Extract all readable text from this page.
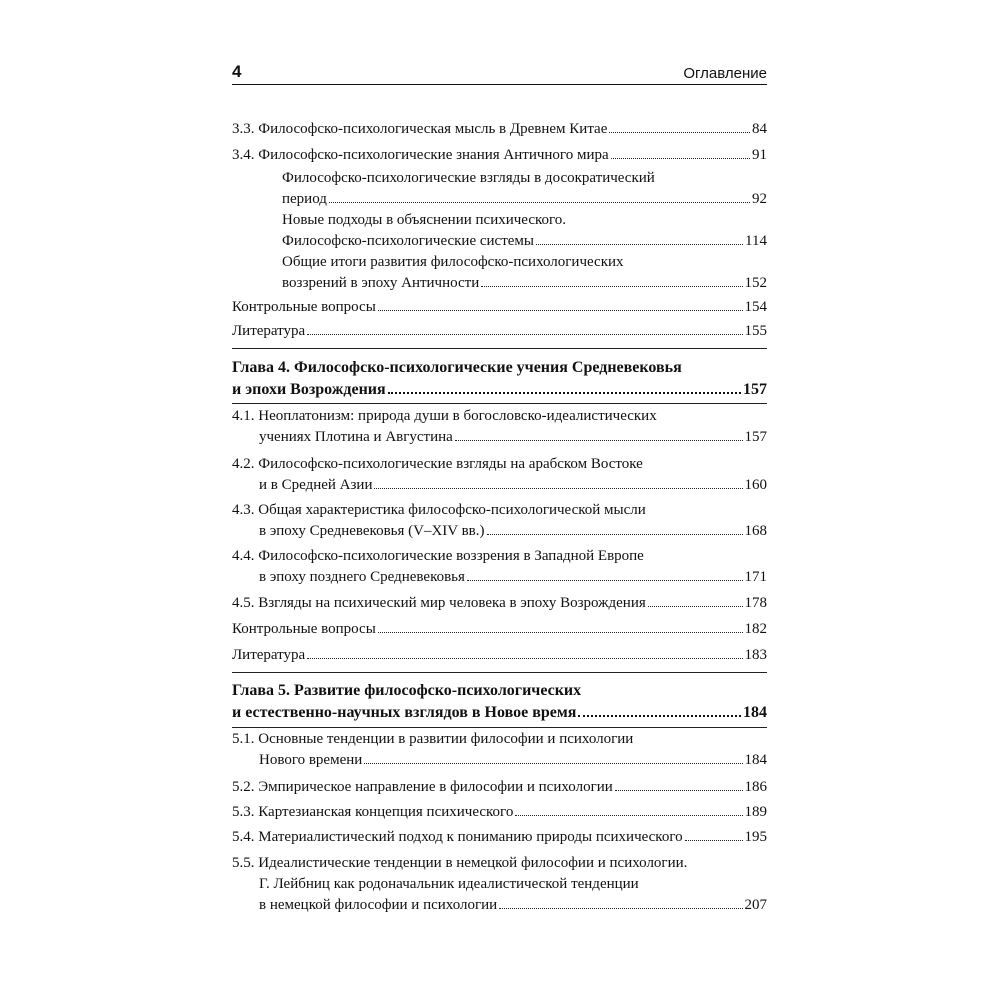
4	Оглавление
3.3. Философско-психологическая мысль в Древнем Китае	84
3.4. Философско-психологические знания Античного мира	91
Философско-психологические взгляды в досократический
период	92
Новые подходы в объяснении психического.
Философско-психологические системы	114
Общие итоги развития философско-психологических
воззрений в эпоху Античности	152
Контрольные вопросы	154
Литература	155
Глава 4. Философско-психологические учения Средневековья
и эпохи Возрождения	157
4.1. Неоплатонизм: природа души в богословско-идеалистических
учениях Плотина и Августина	157
4.2. Философско-психологические взгляды на арабском Востоке
и в Средней Азии	160
4.3. Общая характеристика философско-психологической мысли
в эпоху Средневековья (V–XIV вв.)	168
4.4. Философско-психологические воззрения в Западной Европе
в эпоху позднего Средневековья	171
4.5. Взгляды на психический мир человека в эпоху Возрождения	178
Контрольные вопросы	182
Литература	183
Глава 5. Развитие философско-психологических
и естественно-научных взглядов в Новое время	184
5.1. Основные тенденции в развитии философии и психологии
Нового времени	184
5.2. Эмпирическое направление в философии и психологии	186
5.3. Картезианская концепция психического	189
5.4. Материалистический подход к пониманию природы психического	195
5.5. Идеалистические тенденции в немецкой философии и психологии.
Г. Лейбниц как родоначальник идеалистической тенденции
в немецкой философии и психологии	207
